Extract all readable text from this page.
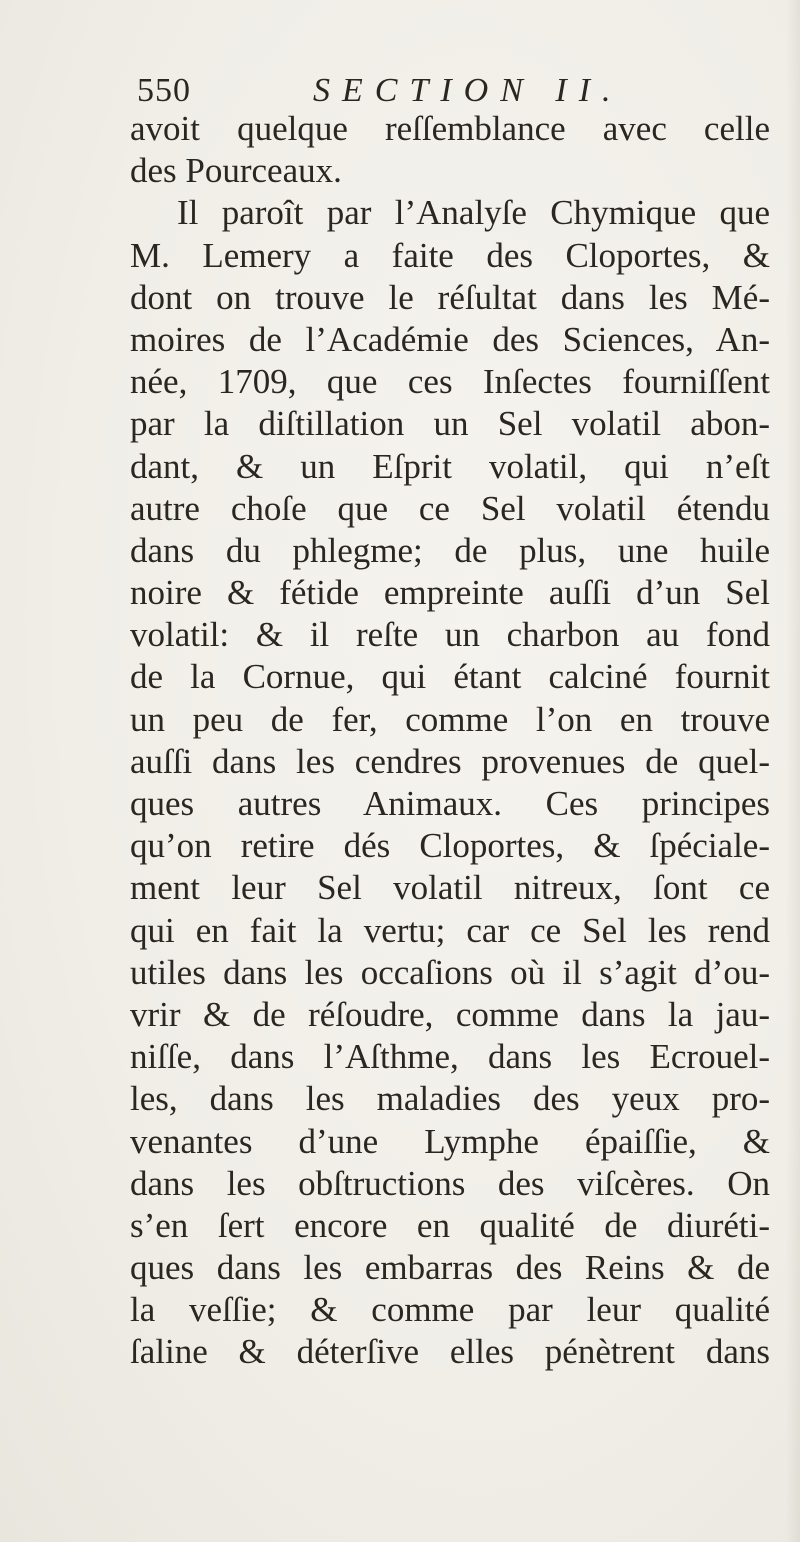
550	SECTION II.
avoit quelque reſſemblance avec celle
des Pourceaux.
Il paroît par l’Analyſe Chymique que
M. Lemery a faite des Cloportes, &
dont on trouve le réſultat dans les Mé-
moires de l’Académie des Sciences, An-
née, 1709, que ces Inſectes fourniſſent
par la diſtillation un Sel volatil abon-
dant, & un Eſprit volatil, qui n’eſt
autre choſe que ce Sel volatil étendu
dans du phlegme; de plus, une huile
noire & fétide empreinte auſſi d’un Sel
volatil: & il reſte un charbon au fond
de la Cornue, qui étant calciné fournit
un peu de fer, comme l’on en trouve
auſſi dans les cendres provenues de quel-
ques autres Animaux. Ces principes
qu’on retire dés Cloportes, & ſpéciale-
ment leur Sel volatil nitreux, ſont ce
qui en fait la vertu; car ce Sel les rend
utiles dans les occaſions où il s’agit d’ou-
vrir & de réſoudre, comme dans la jau-
niſſe, dans l’Aſthme, dans les Ecrouel-
les, dans les maladies des yeux pro-
venantes d’une Lymphe épaiſſie, &
dans les obſtructions des viſcères. On
s’en ſert encore en qualité de diuréti-
ques dans les embarras des Reins & de
la veſſie; & comme par leur qualité
ſaline & déterſive elles pénètrent dans
